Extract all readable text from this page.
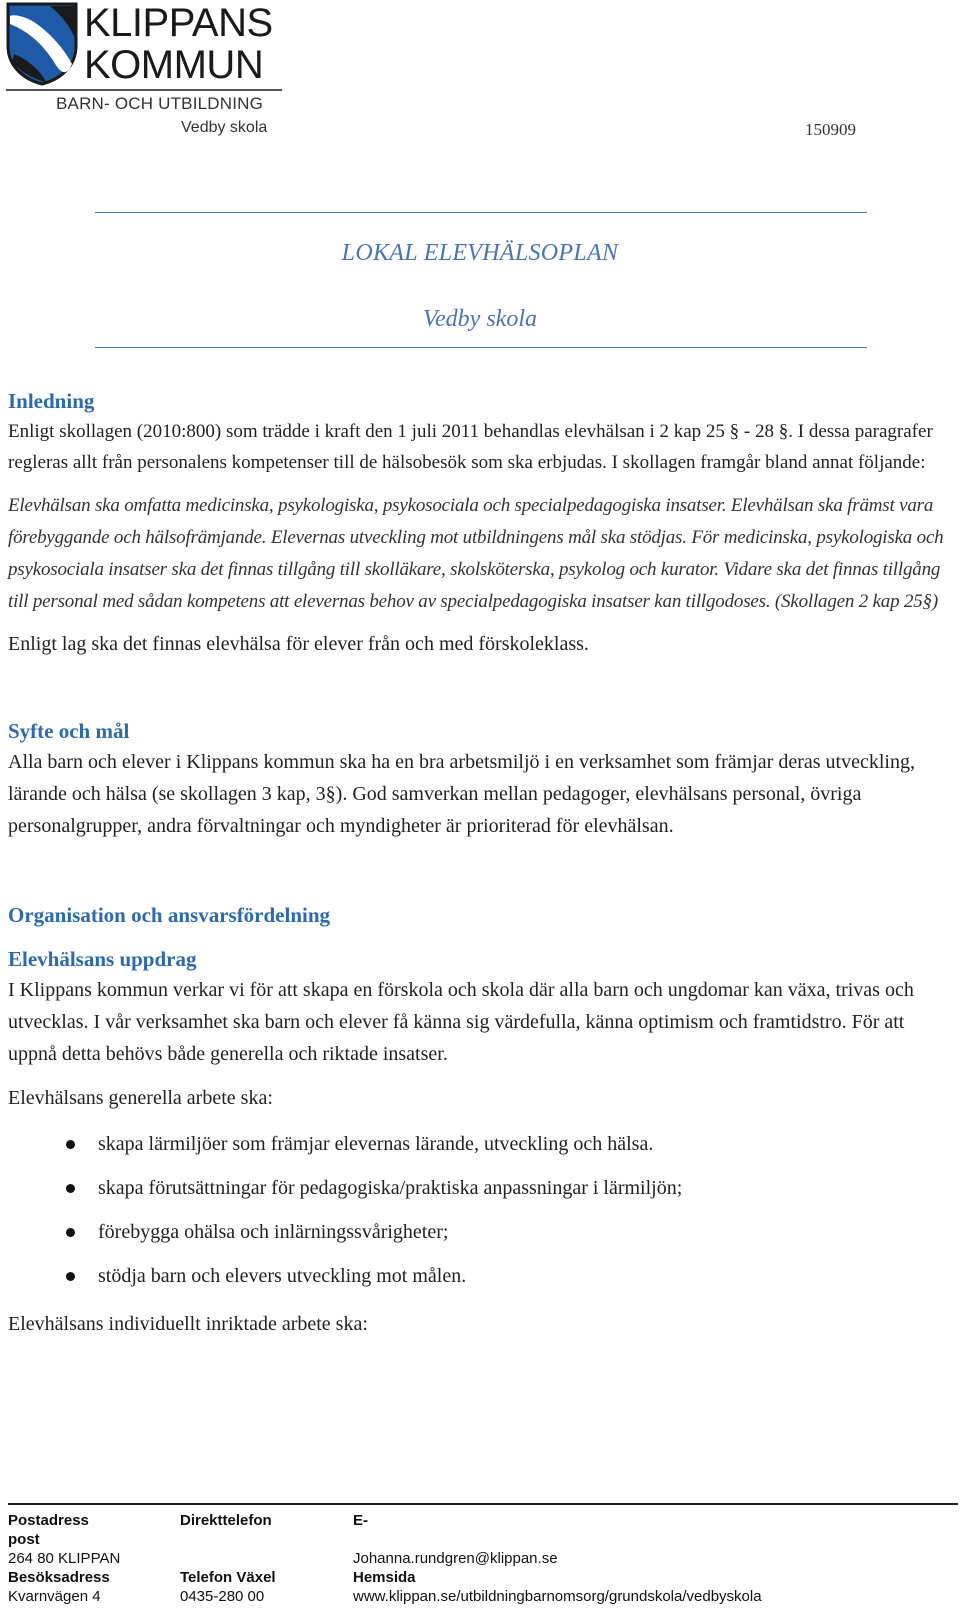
KLIPPANS
KOMMUN
BARN- OCH UTBILDNING
Vedby skola	150909
LOKAL ELEVHÄLSOPLAN
Vedby skola
Inledning

Enligt skollagen (2010:800) som trädde i kraft den 1 juli 2011 behandlas elevhälsan i 2 kap 25 § - 28 §. I dessa paragrafer regleras allt från personalens kompetenser till de hälsobesök som ska erbjudas. I skollagen framgår bland annat följande:

Elevhälsan ska omfatta medicinska, psykologiska, psykosociala och specialpedagogiska insatser. Elevhälsan ska främst vara förebyggande och hälsofrämjande. Elevernas utveckling mot utbildningens mål ska stödjas. För medicinska, psykologiska och psykosociala insatser ska det finnas tillgång till skolläkare, skolsköterska, psykolog och kurator. Vidare ska det finnas tillgång till personal med sådan kompetens att elevernas behov av specialpedagogiska insatser kan tillgodoses. (Skollagen 2 kap 25§)

Enligt lag ska det finnas elevhälsa för elever från och med förskoleklass.

Syfte och mål

Alla barn och elever i Klippans kommun ska ha en bra arbetsmiljö i en verksamhet som främjar deras utveckling, lärande och hälsa (se skollagen 3 kap, 3§). God samverkan mellan pedagoger, elevhälsans personal, övriga personalgrupper, andra förvaltningar och myndigheter är prioriterad för elevhälsan.

Organisation och ansvarsfördelning
Elevhälsans uppdrag

I Klippans kommun verkar vi för att skapa en förskola och skola där alla barn och ungdomar kan växa, trivas och utvecklas. I vår verksamhet ska barn och elever få känna sig värdefulla, känna optimism och framtidstro. För att uppnå detta behövs både generella och riktade insatser.

Elevhälsans generella arbete ska:

skapa lärmiljöer som främjar elevernas lärande, utveckling och hälsa.
skapa förutsättningar för pedagogiska/praktiska anpassningar i lärmiljön;
förebygga ohälsa och inlärningssvårigheter;
stödja barn och elevers utveckling mot målen.

Elevhälsans individuellt inriktade arbete ska:

Postadress
post
264 80 KLIPPAN
Besöksadress
Kvarnvägen 4
Direkttelefon
Telefon Växel
0435-280 00
E-
Johanna.rundgren@klippan.se
Hemsida
www.klippan.se/utbildningbarnomsorg/grundskola/vedbyskola
